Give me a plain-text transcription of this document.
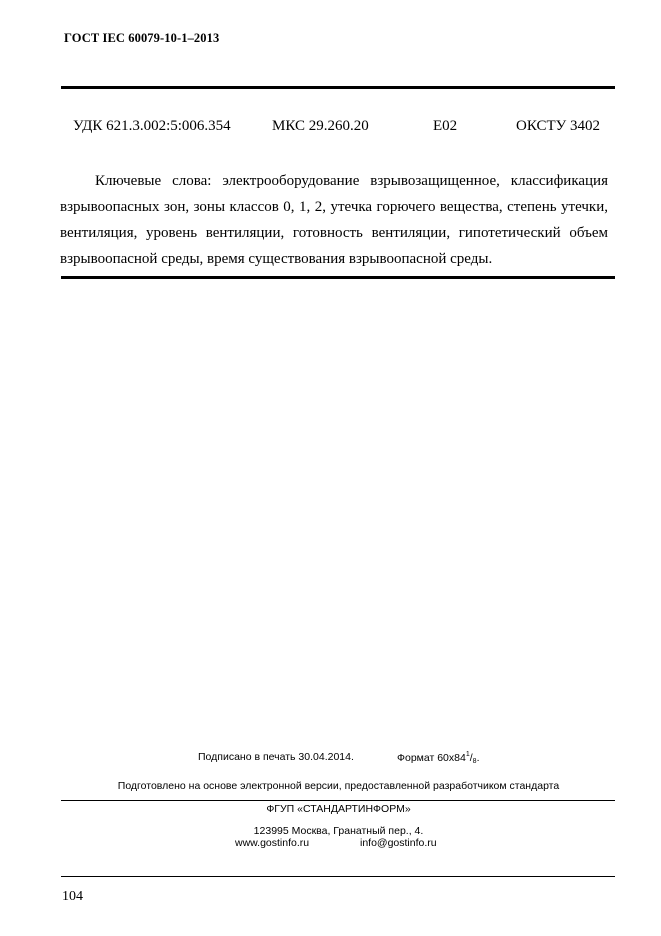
ГОСТ IEC 60079-10-1–2013
УДК 621.3.002:5:006.354	МКС 29.260.20	Е02	ОКСТУ 3402

Ключевые слова: электрооборудование взрывозащищенное, классификация взрывоопасных зон, зоны классов 0, 1, 2, утечка горючего вещества, степень утечки, вентиляция, уровень вентиляции, готовность вентиляции, гипотетический объем взрывоопасной среды, время существования взрывоопасной среды.

Подписано в печать 30.04.2014.	Формат $60x84^1/_8$.
Подготовлено на основе электронной версии, предоставленной разработчиком стандарта
ФГУП «СТАНДАРТИНФОРМ»
123995 Москва, Гранатный пер., 4.
www.gostinfo.ru	info@gostinfo.ru
104
